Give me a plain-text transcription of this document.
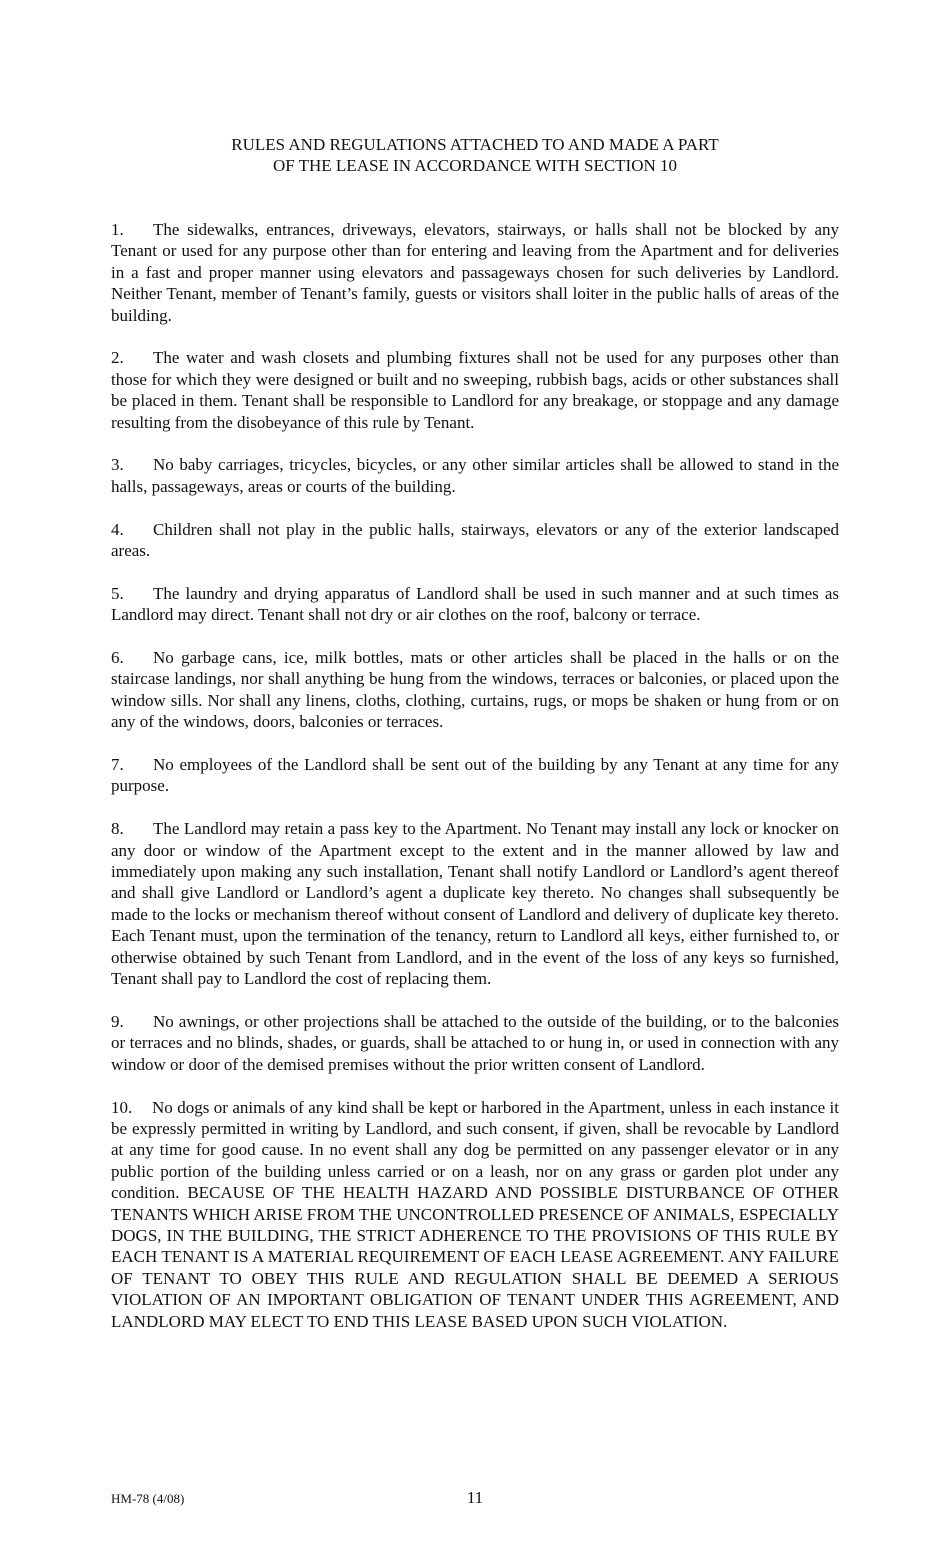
RULES AND REGULATIONS ATTACHED TO AND MADE A PART
OF THE LEASE IN ACCORDANCE WITH SECTION 10

1. The sidewalks, entrances, driveways, elevators, stairways, or halls shall not be blocked by any Tenant or used for any purpose other than for entering and leaving from the Apartment and for deliveries in a fast and proper manner using elevators and passageways chosen for such deliveries by Landlord. Neither Tenant, member of Tenant’s family, guests or visitors shall loiter in the public halls of areas of the building.

2. The water and wash closets and plumbing fixtures shall not be used for any purposes other than those for which they were designed or built and no sweeping, rubbish bags, acids or other substances shall be placed in them. Tenant shall be responsible to Landlord for any breakage, or stoppage and any damage resulting from the disobeyance of this rule by Tenant.

3. No baby carriages, tricycles, bicycles, or any other similar articles shall be allowed to stand in the halls, passageways, areas or courts of the building.

4. Children shall not play in the public halls, stairways, elevators or any of the exterior landscaped areas.

5. The laundry and drying apparatus of Landlord shall be used in such manner and at such times as Landlord may direct. Tenant shall not dry or air clothes on the roof, balcony or terrace.

6. No garbage cans, ice, milk bottles, mats or other articles shall be placed in the halls or on the staircase landings, nor shall anything be hung from the windows, terraces or balconies, or placed upon the window sills. Nor shall any linens, cloths, clothing, curtains, rugs, or mops be shaken or hung from or on any of the windows, doors, balconies or terraces.

7. No employees of the Landlord shall be sent out of the building by any Tenant at any time for any purpose.

8. The Landlord may retain a pass key to the Apartment. No Tenant may install any lock or knocker on any door or window of the Apartment except to the extent and in the manner allowed by law and immediately upon making any such installation, Tenant shall notify Landlord or Landlord’s agent thereof and shall give Landlord or Landlord’s agent a duplicate key thereto. No changes shall subsequently be made to the locks or mechanism thereof without consent of Landlord and delivery of duplicate key thereto. Each Tenant must, upon the termination of the tenancy, return to Landlord all keys, either furnished to, or otherwise obtained by such Tenant from Landlord, and in the event of the loss of any keys so furnished, Tenant shall pay to Landlord the cost of replacing them.

9. No awnings, or other projections shall be attached to the outside of the building, or to the balconies or terraces and no blinds, shades, or guards, shall be attached to or hung in, or used in connection with any window or door of the demised premises without the prior written consent of Landlord.

10. No dogs or animals of any kind shall be kept or harbored in the Apartment, unless in each instance it be expressly permitted in writing by Landlord, and such consent, if given, shall be revocable by Landlord at any time for good cause. In no event shall any dog be permitted on any passenger elevator or in any public portion of the building unless carried or on a leash, nor on any grass or garden plot under any condition. BECAUSE OF THE HEALTH HAZARD AND POSSIBLE DISTURBANCE OF OTHER TENANTS WHICH ARISE FROM THE UNCONTROLLED PRESENCE OF ANIMALS, ESPECIALLY DOGS, IN THE BUILDING, THE STRICT ADHERENCE TO THE PROVISIONS OF THIS RULE BY EACH TENANT IS A MATERIAL REQUIREMENT OF EACH LEASE AGREEMENT. ANY FAILURE OF TENANT TO OBEY THIS RULE AND REGULATION SHALL BE DEEMED A SERIOUS VIOLATION OF AN IMPORTANT OBLIGATION OF TENANT UNDER THIS AGREEMENT, AND LANDLORD MAY ELECT TO END THIS LEASE BASED UPON SUCH VIOLATION.

HM-78 (4/08)	11
